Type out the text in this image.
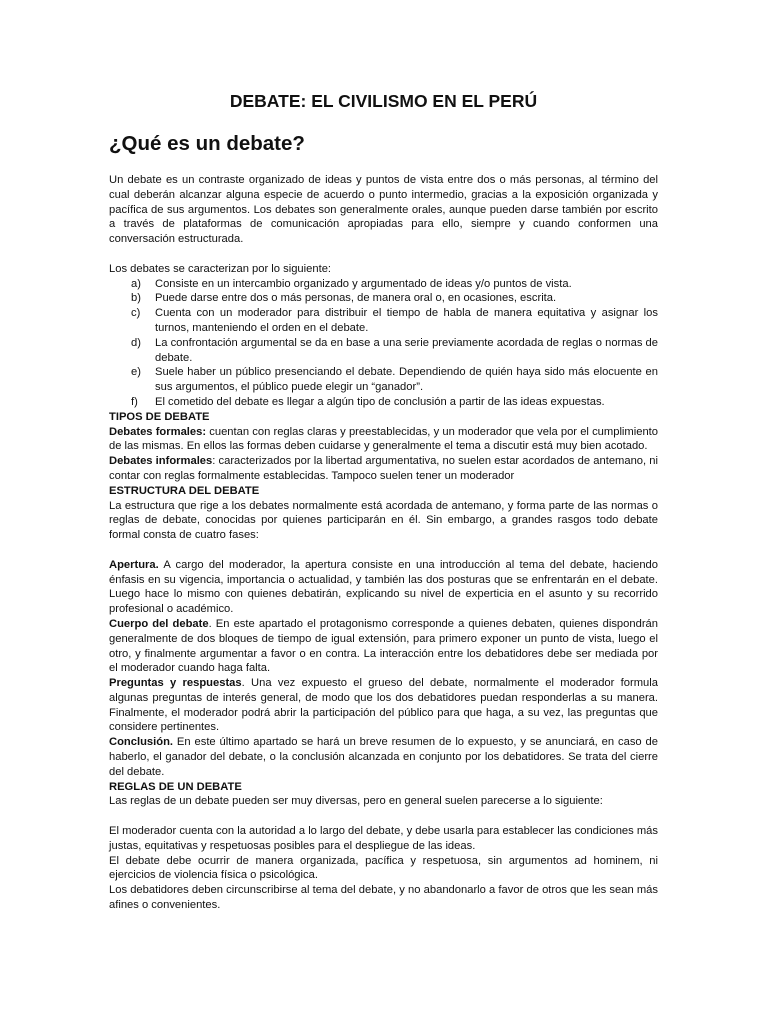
DEBATE: EL CIVILISMO EN EL PERÚ
¿Qué es un debate?

Un debate es un contraste organizado de ideas y puntos de vista entre dos o más personas, al término del cual deberán alcanzar alguna especie de acuerdo o punto intermedio, gracias a la exposición organizada y pacífica de sus argumentos. Los debates son generalmente orales, aunque pueden darse también por escrito a través de plataformas de comunicación apropiadas para ello, siempre y cuando conformen una conversación estructurada.

Los debates se caracterizan por lo siguiente:

a) Consiste en un intercambio organizado y argumentado de ideas y/o puntos de vista.
b) Puede darse entre dos o más personas, de manera oral o, en ocasiones, escrita.
c) Cuenta con un moderador para distribuir el tiempo de habla de manera equitativa y asignar los turnos, manteniendo el orden en el debate.
d) La confrontación argumental se da en base a una serie previamente acordada de reglas o normas de debate.
e) Suele haber un público presenciando el debate. Dependiendo de quién haya sido más elocuente en sus argumentos, el público puede elegir un “ganador”.
f) El cometido del debate es llegar a algún tipo de conclusión a partir de las ideas expuestas.

TIPOS DE DEBATE

Debates formales: cuentan con reglas claras y preestablecidas, y un moderador que vela por el cumplimiento de las mismas. En ellos las formas deben cuidarse y generalmente el tema a discutir está muy bien acotado.

Debates informales: caracterizados por la libertad argumentativa, no suelen estar acordados de antemano, ni contar con reglas formalmente establecidas. Tampoco suelen tener un moderador

ESTRUCTURA DEL DEBATE

La estructura que rige a los debates normalmente está acordada de antemano, y forma parte de las normas o reglas de debate, conocidas por quienes participarán en él. Sin embargo, a grandes rasgos todo debate formal consta de cuatro fases:

Apertura. A cargo del moderador, la apertura consiste en una introducción al tema del debate, haciendo énfasis en su vigencia, importancia o actualidad, y también las dos posturas que se enfrentarán en el debate. Luego hace lo mismo con quienes debatirán, explicando su nivel de experticia en el asunto y su recorrido profesional o académico.

Cuerpo del debate. En este apartado el protagonismo corresponde a quienes debaten, quienes dispondrán generalmente de dos bloques de tiempo de igual extensión, para primero exponer un punto de vista, luego el otro, y finalmente argumentar a favor o en contra. La interacción entre los debatidores debe ser mediada por el moderador cuando haga falta.

Preguntas y respuestas. Una vez expuesto el grueso del debate, normalmente el moderador formula algunas preguntas de interés general, de modo que los dos debatidores puedan responderlas a su manera. Finalmente, el moderador podrá abrir la participación del público para que haga, a su vez, las preguntas que considere pertinentes.

Conclusión. En este último apartado se hará un breve resumen de lo expuesto, y se anunciará, en caso de haberlo, el ganador del debate, o la conclusión alcanzada en conjunto por los debatidores. Se trata del cierre del debate.

REGLAS DE UN DEBATE

Las reglas de un debate pueden ser muy diversas, pero en general suelen parecerse a lo siguiente:

El moderador cuenta con la autoridad a lo largo del debate, y debe usarla para establecer las condiciones más justas, equitativas y respetuosas posibles para el despliegue de las ideas.

El debate debe ocurrir de manera organizada, pacífica y respetuosa, sin argumentos ad hominem, ni ejercicios de violencia física o psicológica.

Los debatidores deben circunscribirse al tema del debate, y no abandonarlo a favor de otros que les sean más afines o convenientes.
